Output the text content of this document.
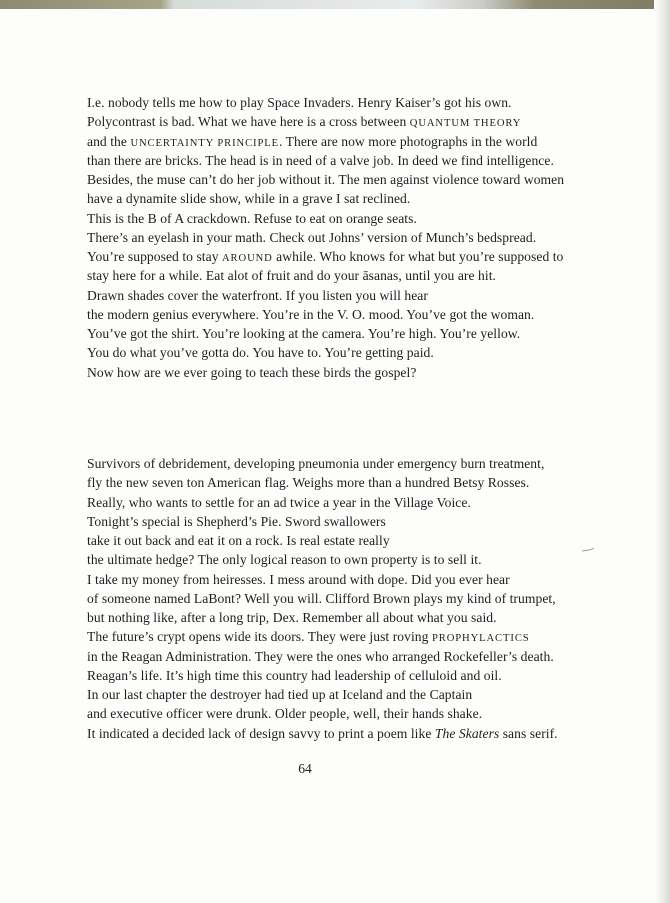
I.e. nobody tells me how to play Space Invaders. Henry Kaiser’s got his own.
Polycontrast is bad. What we have here is a cross between QUANTUM THEORY
and the UNCERTAINTY PRINCIPLE. There are now more photographs in the world
than there are bricks. The head is in need of a valve job. In deed we find intelligence.
Besides, the muse can’t do her job without it. The men against violence toward women
have a dynamite slide show, while in a grave I sat reclined.
This is the B of A crackdown. Refuse to eat on orange seats.
There’s an eyelash in your math. Check out Johns’ version of Munch’s bedspread.
You’re supposed to stay AROUND awhile. Who knows for what but you’re supposed to
stay here for a while. Eat alot of fruit and do your āsanas, until you are hit.
Drawn shades cover the waterfront. If you listen you will hear
the modern genius everywhere. You’re in the V. O. mood. You’ve got the woman.
You’ve got the shirt. You’re looking at the camera. You’re high. You’re yellow.
You do what you’ve gotta do. You have to. You’re getting paid.
Now how are we ever going to teach these birds the gospel?
Survivors of debridement, developing pneumonia under emergency burn treatment,
fly the new seven ton American flag. Weighs more than a hundred Betsy Rosses.
Really, who wants to settle for an ad twice a year in the Village Voice.
Tonight’s special is Shepherd’s Pie. Sword swallowers
take it out back and eat it on a rock. Is real estate really
the ultimate hedge? The only logical reason to own property is to sell it.
I take my money from heiresses. I mess around with dope. Did you ever hear
of someone named LaBont? Well you will. Clifford Brown plays my kind of trumpet,
but nothing like, after a long trip, Dex. Remember all about what you said.
The future’s crypt opens wide its doors. They were just roving PROPHYLACTICS
in the Reagan Administration. They were the ones who arranged Rockefeller’s death.
Reagan’s life. It’s high time this country had leadership of celluloid and oil.
In our last chapter the destroyer had tied up at Iceland and the Captain
and executive officer were drunk. Older people, well, their hands shake.
It indicated a decided lack of design savvy to print a poem like The Skaters sans serif.
64
